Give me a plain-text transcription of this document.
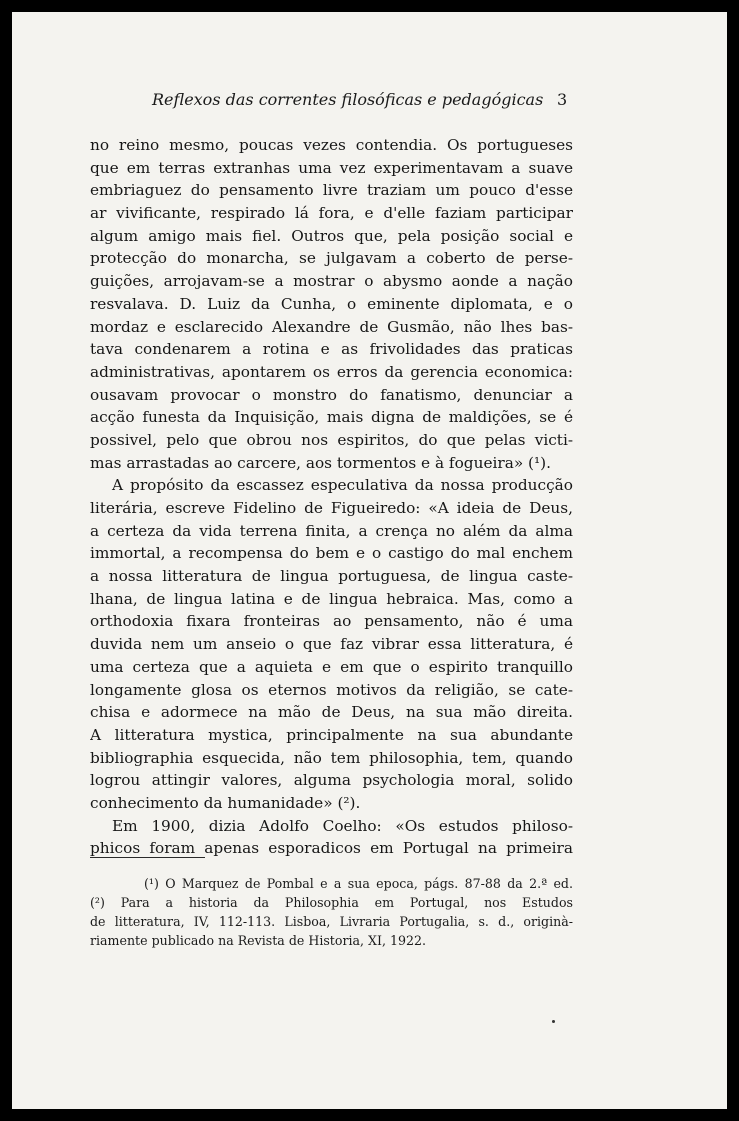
Reflexos das correntes filosóficas e pedagógicas 3
no reino mesmo, poucas vezes contendia. Os portugueses
que em terras extranhas uma vez experimentavam a suave
embriaguez do pensamento livre traziam um pouco d'esse
ar vivificante, respirado lá fora, e d'elle faziam participar
algum amigo mais fiel. Outros que, pela posição social e
protecção do monarcha, se julgavam a coberto de perse-
guições, arrojavam-se a mostrar o abysmo aonde a nação
resvalava. D. Luiz da Cunha, o eminente diplomata, e o
mordaz e esclarecido Alexandre de Gusmão, não lhes bas-
tava condenarem a rotina e as frivolidades das praticas
administrativas, apontarem os erros da gerencia economica:
ousavam provocar o monstro do fanatismo, denunciar a
acção funesta da Inquisição, mais digna de maldições, se é
possivel, pelo que obrou nos espiritos, do que pelas victi-
mas arrastadas ao carcere, aos tormentos e à fogueira» (¹).
A propósito da escassez especulativa da nossa producção
literária, escreve Fidelino de Figueiredo: «A ideia de Deus,
a certeza da vida terrena finita, a crença no além da alma
immortal, a recompensa do bem e o castigo do mal enchem
a nossa litteratura de lingua portuguesa, de lingua caste-
lhana, de lingua latina e de lingua hebraica. Mas, como a
orthodoxia fixara fronteiras ao pensamento, não é uma
duvida nem um anseio o que faz vibrar essa litteratura, é
uma certeza que a aquieta e em que o espirito tranquillo
longamente glosa os eternos motivos da religião, se cate-
chisa e adormece na mão de Deus, na sua mão direita.
A litteratura mystica, principalmente na sua abundante
bibliographia esquecida, não tem philosophia, tem, quando
logrou attingir valores, alguma psychologia moral, solido
conhecimento da humanidade» (²).
Em 1900, dizia Adolfo Coelho: «Os estudos philoso-
phicos foram apenas esporadicos em Portugal na primeira
(¹) O Marquez de Pombal e a sua epoca, págs. 87-88 da 2.ª ed.
(²) Para a historia da Philosophia em Portugal, nos Estudos
de litteratura, IV, 112-113. Lisboa, Livraria Portugalia, s. d., originà-
riamente publicado na Revista de Historia, XI, 1922.
